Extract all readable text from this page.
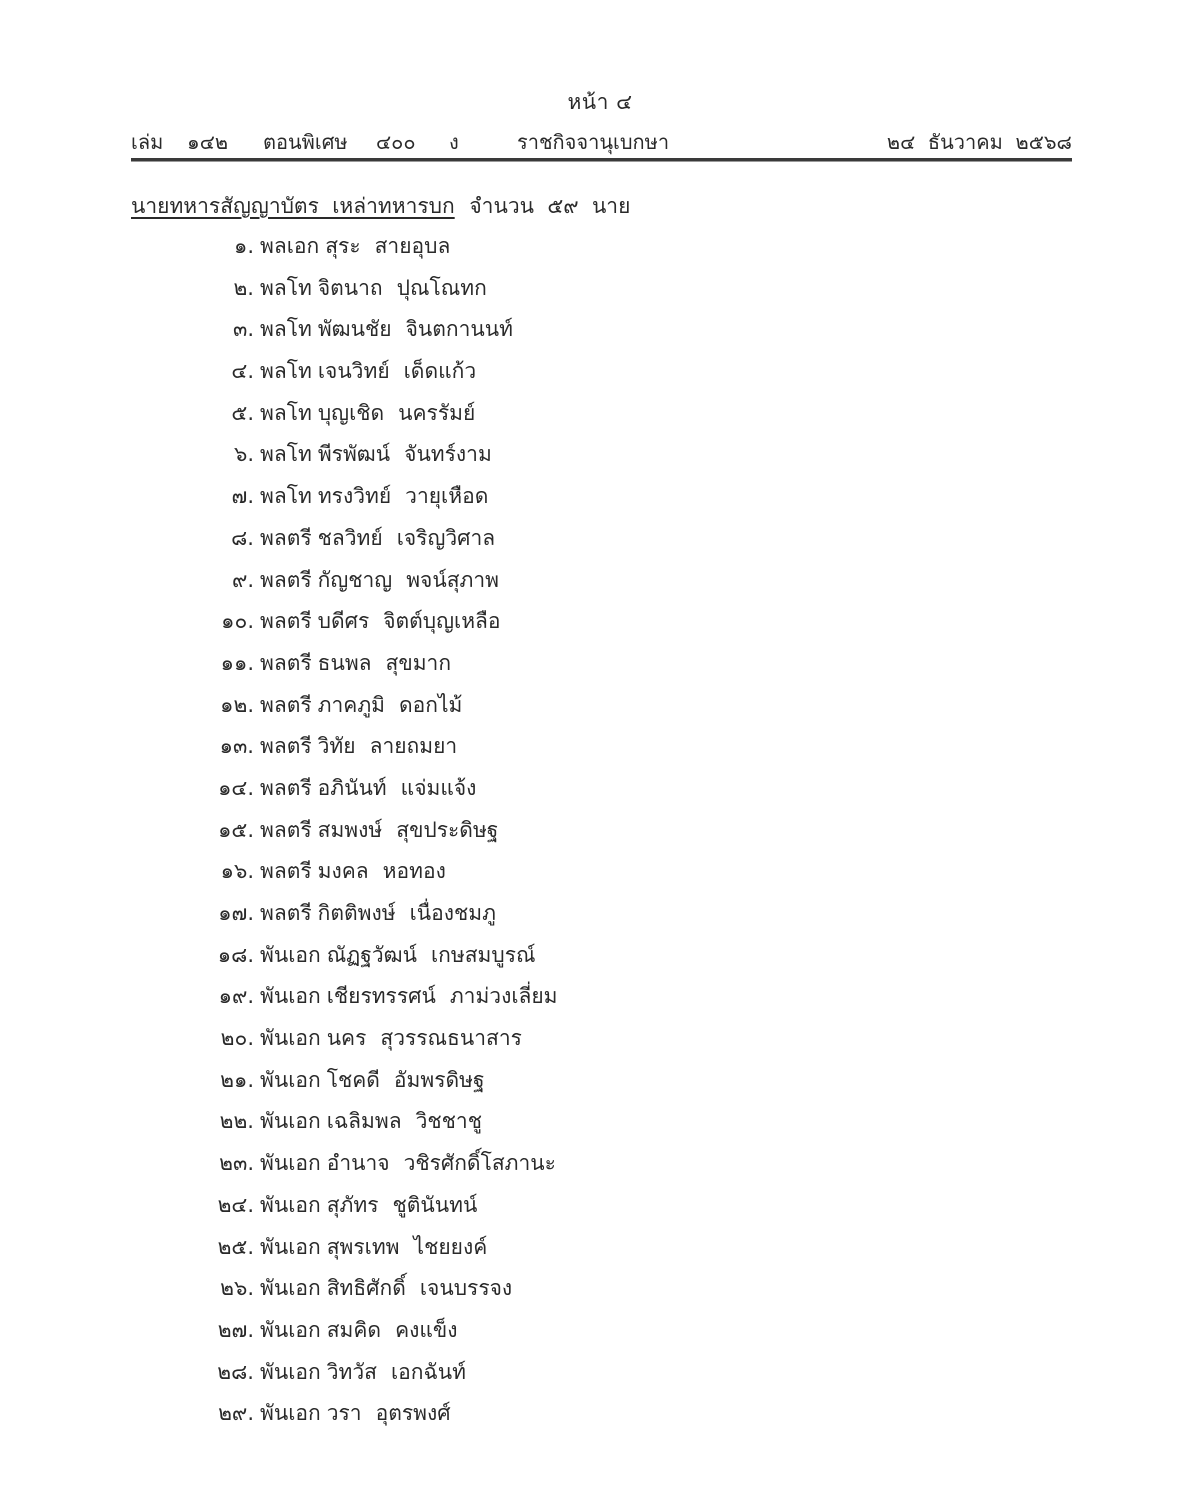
หน้า ๔
เล่ม ๑๔๒ ตอนพิเศษ ๔๐๐ ง	ราชกิจจานุเบกษา	๒๔  ธันวาคม  ๒๕๖๘
นายทหารสัญญาบัตร  เหล่าทหารบก จำนวน  ๕๙  นาย
๑. พลเอก สุระ สายอุบล
๒. พลโท จิตนาถ ปุณโณทก
๓. พลโท พัฒนชัย จินตกานนท์
๔. พลโท เจนวิทย์ เด็ดแก้ว
๕. พลโท บุญเชิด นครรัมย์
๖. พลโท พีรพัฒน์ จันทร์งาม
๗. พลโท ทรงวิทย์ วายุเหือด
๘. พลตรี ชลวิทย์ เจริญวิศาล
๙. พลตรี กัญชาญ พจน์สุภาพ
๑๐. พลตรี บดีศร จิตต์บุญเหลือ
๑๑. พลตรี ธนพล สุขมาก
๑๒. พลตรี ภาคภูมิ ดอกไม้
๑๓. พลตรี วิทัย ลายถมยา
๑๔. พลตรี อภินันท์ แจ่มแจ้ง
๑๕. พลตรี สมพงษ์ สุขประดิษฐ
๑๖. พลตรี มงคล หอทอง
๑๗. พลตรี กิตติพงษ์ เนื่องชมภู
๑๘. พันเอก ณัฏฐวัฒน์ เกษสมบูรณ์
๑๙. พันเอก เชียรทรรศน์ ภาม่วงเลี่ยม
๒๐. พันเอก นคร สุวรรณธนาสาร
๒๑. พันเอก โชคดี อัมพรดิษฐ
๒๒. พันเอก เฉลิมพล วิชชาชู
๒๓. พันเอก อำนาจ วชิรศักดิ์โสภานะ
๒๔. พันเอก สุภัทร ชูตินันทน์
๒๕. พันเอก สุพรเทพ ไชยยงค์
๒๖. พันเอก สิทธิศักดิ์ เจนบรรจง
๒๗. พันเอก สมคิด คงแข็ง
๒๘. พันเอก วิทวัส เอกฉันท์
๒๙. พันเอก วรา อุตรพงศ์
